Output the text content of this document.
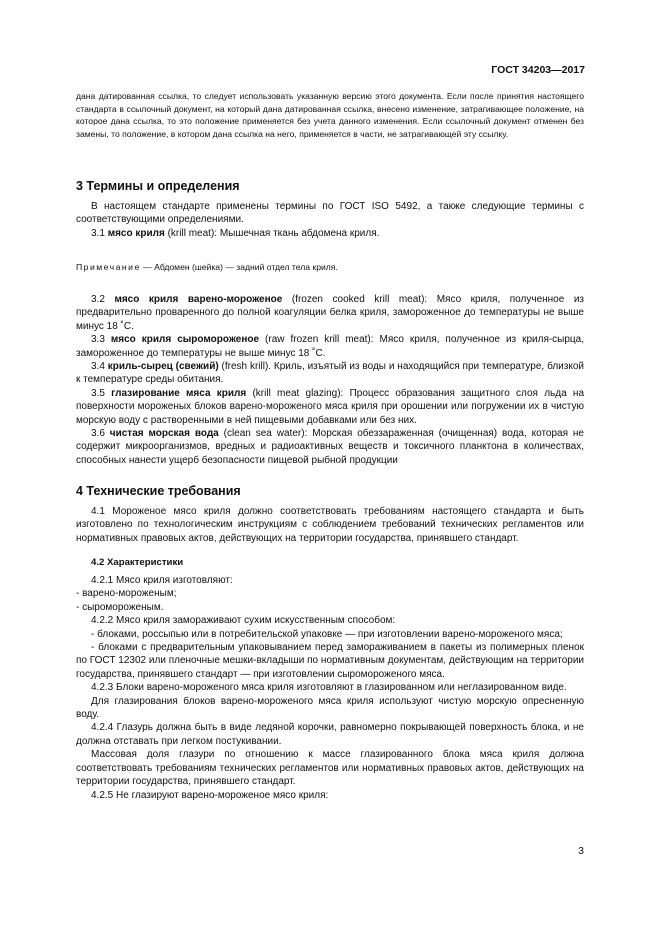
ГОСТ 34203—2017

дана датированная ссылка, то следует использовать указанную версию этого документа. Если после принятия настоящего стандарта в ссылочный документ, на который дана датированная ссылка, внесено изменение, затрагивающее положение, на которое дана ссылка, то это положение применяется без учета данного изменения. Если ссылочный документ отменен без замены, то положение, в котором дана ссылка на него, применяется в части, не затрагивающей эту ссылку.

3 Термины и определения

В настоящем стандарте применены термины по ГОСТ ISO 5492, а также следующие термины с соответствующими определениями.

3.1 мясо криля (krill meat): Мышечная ткань абдомена криля.

Примечание — Абдомен (шейка) — задний отдел тела криля.

3.2 мясо криля варено-мороженое (frozen cooked krill meat): Мясо криля, полученное из предварительно проваренного до полной коагуляции белка криля, замороженное до температуры не выше минус 18 ˚С.

3.3 мясо криля сыромороженое (raw frozen krill meat): Мясо криля, полученное из криля-сырца, замороженное до температуры не выше минус 18 ˚С.

3.4 криль-сырец (свежий) (fresh krill). Криль, изъятый из воды и находящийся при температуре, близкой к температуре среды обитания.

3.5 глазирование мяса криля (krill meat glazing): Процесс образования защитного слоя льда на поверхности мороженых блоков варено-мороженого мяса криля при орошении или погружении их в чистую морскую воду с растворенными в ней пищевыми добавками или без них.

3.6 чистая морская вода (clean sea water): Морская обеззараженная (очищенная) вода, которая не содержит микроорганизмов, вредных и радиоактивных веществ и токсичного планктона в количествах, способных нанести ущерб безопасности пищевой рыбной продукции

4 Технические требования

4.1 Мороженое мясо криля должно соответствовать требованиям настоящего стандарта и быть изготовлено по технологическим инструкциям с соблюдением требований технических регламентов или нормативных правовых актов, действующих на территории государства, принявшего стандарт.

4.2 Характеристики

4.2.1 Мясо криля изготовляют:

- варено-мороженым;

- сыромороженым.

4.2.2 Мясо криля замораживают сухим искусственным способом:

- блоками, россыпью или в потребительской упаковке — при изготовлении варено-мороженого мяса;

- блоками с предварительным упаковыванием перед замораживанием в пакеты из полимерных пленок по ГОСТ 12302 или пленочные мешки-вкладыши по нормативным документам, действующим на территории государства, принявшего стандарт — при изготовлении сыромороженого мяса.

4.2.3 Блоки варено-мороженого мяса криля изготовляют в глазированном или неглазированном виде.

Для глазирования блоков варено-мороженого мяса криля используют чистую морскую опресненную воду.

4.2.4 Глазурь должна быть в виде ледяной корочки, равномерно покрывающей поверхность блока, и не должна отставать при легком постукивании.

Массовая доля глазури по отношению к массе глазированного блока мяса криля должна соответствовать требованиям технических регламентов или нормативных правовых актов, действующих на территории государства, принявшего стандарт.

4.2.5 Не глазируют варено-мороженое мясо криля:

3
